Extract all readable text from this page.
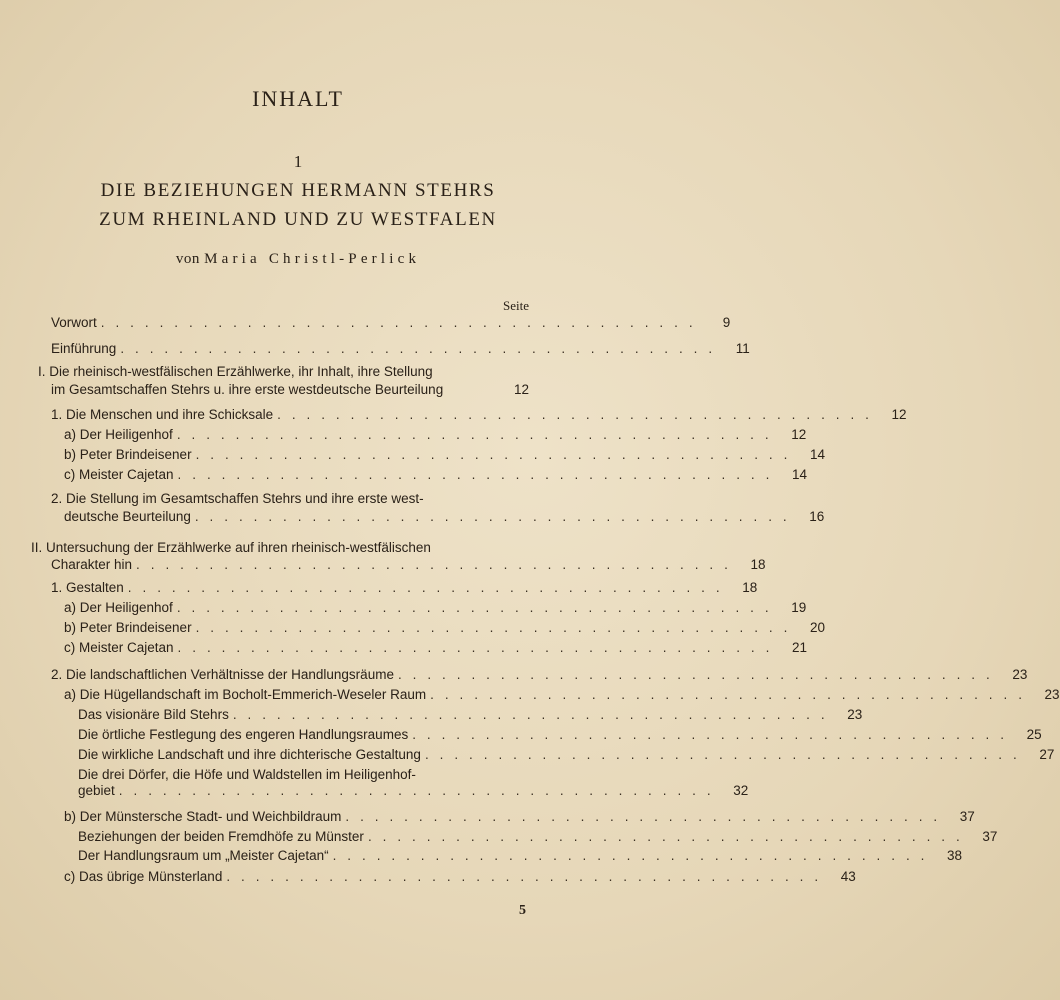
INHALT
1
DIE BEZIEHUNGEN HERMANN STEHRS
ZUM RHEINLAND UND ZU WESTFALEN
von Maria Christl-Perlick
Seite
Vorwort . . . . . . . . . . . . . . . . . . . . . . . . . . . . . . . . . . . . . . . . .	9
Einführung . . . . . . . . . . . . . . . . . . . . . . . . . . . . . . . . . . . . . . . . .	11
I. Die rheinisch-westfälischen Erzählwerke, ihr Inhalt, ihre Stellung
im Gesamtschaffen Stehrs u. ihre erste westdeutsche Beurteilung	12
1. Die Menschen und ihre Schicksale . . . . . . . . . . . . . . . . . . . . . . . . . . . . . . . . . . . . . . . . .	12
a) Der Heiligenhof . . . . . . . . . . . . . . . . . . . . . . . . . . . . . . . . . . . . . . . . .	12
b) Peter Brindeisener . . . . . . . . . . . . . . . . . . . . . . . . . . . . . . . . . . . . . . . . .	14
c) Meister Cajetan . . . . . . . . . . . . . . . . . . . . . . . . . . . . . . . . . . . . . . . . .	14
2. Die Stellung im Gesamtschaffen Stehrs und ihre erste west-
deutsche Beurteilung . . . . . . . . . . . . . . . . . . . . . . . . . . . . . . . . . . . . . . . . .	16
II. Untersuchung der Erzählwerke auf ihren rheinisch-westfälischen
Charakter hin . . . . . . . . . . . . . . . . . . . . . . . . . . . . . . . . . . . . . . . . .	18
1. Gestalten . . . . . . . . . . . . . . . . . . . . . . . . . . . . . . . . . . . . . . . . .	18
a) Der Heiligenhof . . . . . . . . . . . . . . . . . . . . . . . . . . . . . . . . . . . . . . . . .	19
b) Peter Brindeisener . . . . . . . . . . . . . . . . . . . . . . . . . . . . . . . . . . . . . . . . .	20
c) Meister Cajetan . . . . . . . . . . . . . . . . . . . . . . . . . . . . . . . . . . . . . . . . .	21
2. Die landschaftlichen Verhältnisse der Handlungsräume . . . . . . . . . . . . . . . . . . . . . . . . . . . . . . . . . . . . . . . . .	23
a) Die Hügellandschaft im Bocholt-Emmerich-Weseler Raum . . . . . . . . . . . . . . . . . . . . . . . . . . . . . . . . . . . . . . . . .	23
Das visionäre Bild Stehrs . . . . . . . . . . . . . . . . . . . . . . . . . . . . . . . . . . . . . . . . .	23
Die örtliche Festlegung des engeren Handlungsraumes . . . . . . . . . . . . . . . . . . . . . . . . . . . . . . . . . . . . . . . . .	25
Die wirkliche Landschaft und ihre dichterische Gestaltung . . . . . . . . . . . . . . . . . . . . . . . . . . . . . . . . . . . . . . . . .	27
Die drei Dörfer, die Höfe und Waldstellen im Heiligenhof-
gebiet . . . . . . . . . . . . . . . . . . . . . . . . . . . . . . . . . . . . . . . . .	32
b) Der Münstersche Stadt- und Weichbildraum . . . . . . . . . . . . . . . . . . . . . . . . . . . . . . . . . . . . . . . . .	37
Beziehungen der beiden Fremdhöfe zu Münster . . . . . . . . . . . . . . . . . . . . . . . . . . . . . . . . . . . . . . . . .	37
Der Handlungsraum um „Meister Cajetan“ . . . . . . . . . . . . . . . . . . . . . . . . . . . . . . . . . . . . . . . . .	38
c) Das übrige Münsterland . . . . . . . . . . . . . . . . . . . . . . . . . . . . . . . . . . . . . . . . .	43
5
